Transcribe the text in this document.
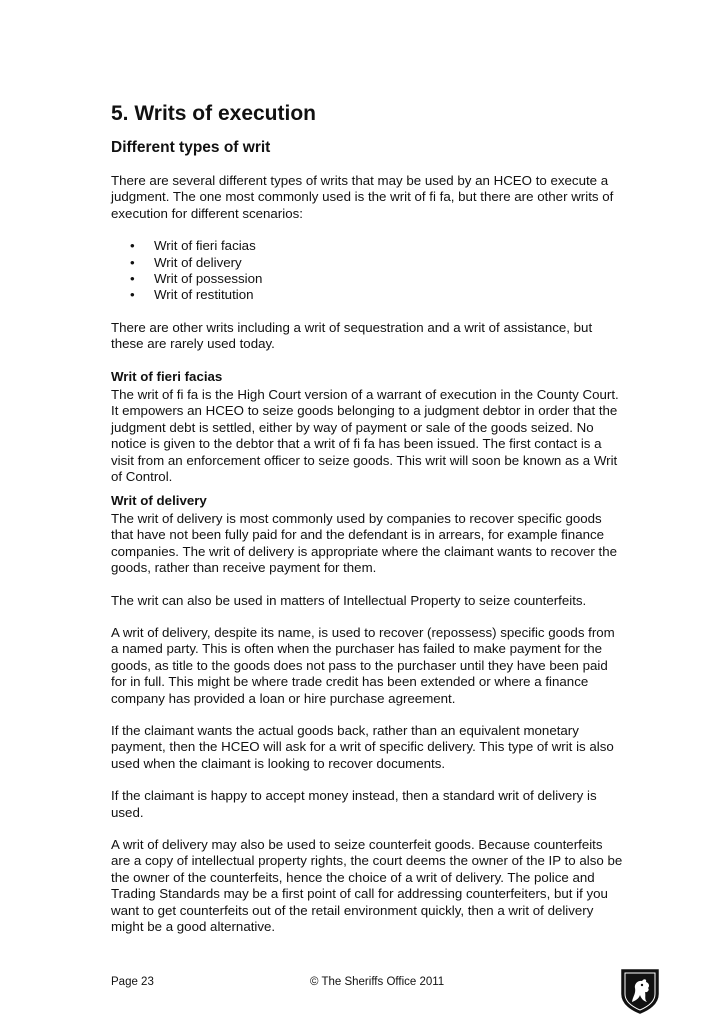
5. Writs of execution
Different types of writ

There are several different types of writs that may be used by an HCEO to execute a judgment. The one most commonly used is the writ of fi fa, but there are other writs of execution for different scenarios:

• Writ of fieri facias
• Writ of delivery
• Writ of possession
• Writ of restitution

There are other writs including a writ of sequestration and a writ of assistance, but these are rarely used today.

Writ of fieri facias

The writ of fi fa is the High Court version of a warrant of execution in the County Court. It empowers an HCEO to seize goods belonging to a judgment debtor in order that the judgment debt is settled, either by way of payment or sale of the goods seized. No notice is given to the debtor that a writ of fi fa has been issued. The first contact is a visit from an enforcement officer to seize goods. This writ will soon be known as a Writ of Control.

Writ of delivery

The writ of delivery is most commonly used by companies to recover specific goods that have not been fully paid for and the defendant is in arrears, for example finance companies. The writ of delivery is appropriate where the claimant wants to recover the goods, rather than receive payment for them.

The writ can also be used in matters of Intellectual Property to seize counterfeits.

A writ of delivery, despite its name, is used to recover (repossess) specific goods from a named party. This is often when the purchaser has failed to make payment for the goods, as title to the goods does not pass to the purchaser until they have been paid for in full. This might be where trade credit has been extended or where a finance company has provided a loan or hire purchase agreement.

If the claimant wants the actual goods back, rather than an equivalent monetary payment, then the HCEO will ask for a writ of specific delivery. This type of writ is also used when the claimant is looking to recover documents.

If the claimant is happy to accept money instead, then a standard writ of delivery is used.

A writ of delivery may also be used to seize counterfeit goods. Because counterfeits are a copy of intellectual property rights, the court deems the owner of the IP to also be the owner of the counterfeits, hence the choice of a writ of delivery. The police and Trading Standards may be a first point of call for addressing counterfeiters, but if you want to get counterfeits out of the retail environment quickly, then a writ of delivery might be a good alternative.

Page 23	© The Sheriffs Office 2011
